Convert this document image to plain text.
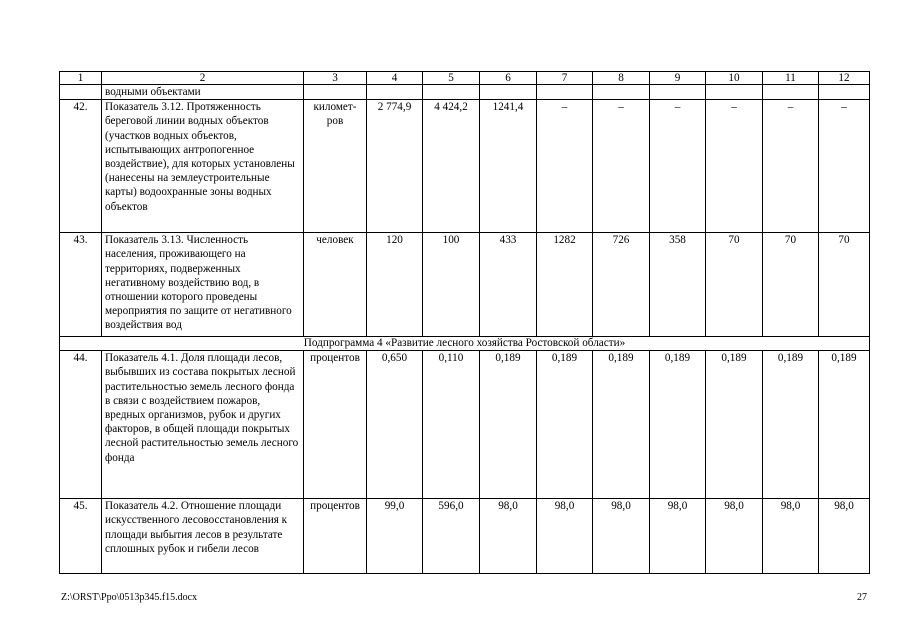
1	2	3	4	5	6	7	8	9	10	11	12
	водными объектами										
42.	Показатель 3.12. Протяженность береговой линии водных объектов (участков водных объектов, испытывающих антропогенное воздействие), для которых установлены (нанесены на землеустроительные карты) водоохранные зоны водных объектов	километ-ров	2 774,9	4 424,2	1241,4	–	–	–	–	–	–
43.	Показатель 3.13. Численность населения, проживающего на территориях, подверженных негативному воздействию вод, в отношении которого проведены мероприятия по защите от негативного воздействия вод	человек	120	100	433	1282	726	358	70	70	70
Подпрограмма 4 «Развитие лесного хозяйства Ростовской области»											
44.	Показатель 4.1. Доля площади лесов, выбывших из состава покрытых лесной растительностью земель лесного фонда в связи с воздействием пожаров, вредных организмов, рубок и других факторов, в общей площади покрытых лесной растительностью земель лесного фонда	процентов	0,650	0,110	0,189	0,189	0,189	0,189	0,189	0,189	0,189
45.	Показатель 4.2. Отношение площади искусственного лесовосстановления к площади выбытия лесов в результате сплошных рубок и гибели лесов	процентов	99,0	596,0	98,0	98,0	98,0	98,0	98,0	98,0	98,0
Z:\ORST\Ppo\0513p345.f15.docx	27
